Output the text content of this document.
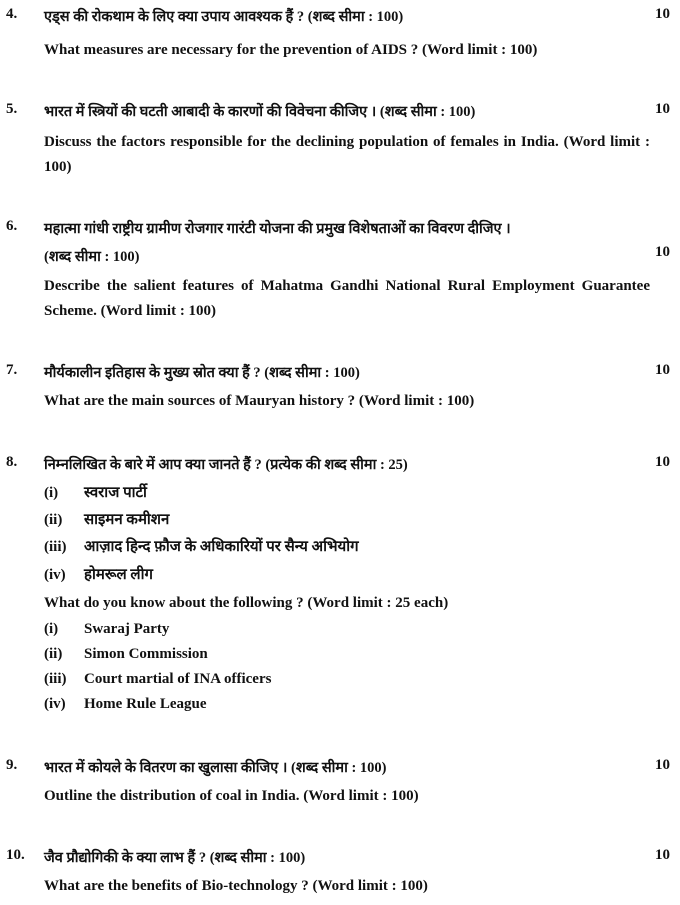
4. एड्स की रोकथाम के लिए क्या उपाय आवश्यक हैं ? (शब्द सीमा : 100)	10
What measures are necessary for the prevention of AIDS ? (Word limit : 100)
5. भारत में स्त्रियों की घटती आबादी के कारणों की विवेचना कीजिए । (शब्द सीमा : 100)	10
Discuss the factors responsible for the declining population of females in India. (Word limit : 100)
6. महात्मा गांधी राष्ट्रीय ग्रामीण रोजगार गारंटी योजना की प्रमुख विशेषताओं का विवरण दीजिए ।
(शब्द सीमा : 100)	10
Describe the salient features of Mahatma Gandhi National Rural Employment Guarantee Scheme. (Word limit : 100)
7. मौर्यकालीन इतिहास के मुख्य स्रोत क्या हैं ? (शब्द सीमा : 100)	10
What are the main sources of Mauryan history ? (Word limit : 100)
8. निम्नलिखित के बारे में आप क्या जानते हैं ? (प्रत्येक की शब्द सीमा : 25)	10
(i) स्वराज पार्टी
(ii) साइमन कमीशन
(iii) आज़ाद हिन्द फ़ौज के अधिकारियों पर सैन्य अभियोग
(iv) होमरूल लीग
What do you know about the following ? (Word limit : 25 each)
(i) Swaraj Party
(ii) Simon Commission
(iii) Court martial of INA officers
(iv) Home Rule League
9. भारत में कोयले के वितरण का खुलासा कीजिए । (शब्द सीमा : 100)	10
Outline the distribution of coal in India. (Word limit : 100)
10. जैव प्रौद्योगिकी के क्या लाभ हैं ? (शब्द सीमा : 100)	10
What are the benefits of Bio-technology ? (Word limit : 100)
